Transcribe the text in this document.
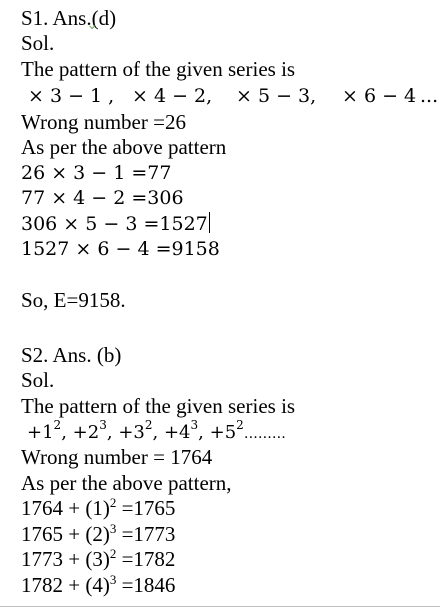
S1. Ans.(d)
Sol.
The pattern of the given series is
× 3 − 1 , × 4 − 2, × 5 − 3, × 6 − 4 ...
Wrong number =26
As per the above pattern
26 × 3 − 1 =77
77 × 4 − 2 =306
306 × 5 − 3 =1527
1527 × 6 − 4 =9158
So, E=9158.
S2. Ans. (b)
Sol.
The pattern of the given series is
$+1^2$, $+2^3$, $+3^2$, $+4^3$, $+5^2\dots\dots\dots$
Wrong number = 1764
As per the above pattern,
$1764 + (1)^2 =1765$
$1765 + (2)^3 =1773$
$1773 + (3)^2 =1782$
$1782 + (4)^3 =1846$
